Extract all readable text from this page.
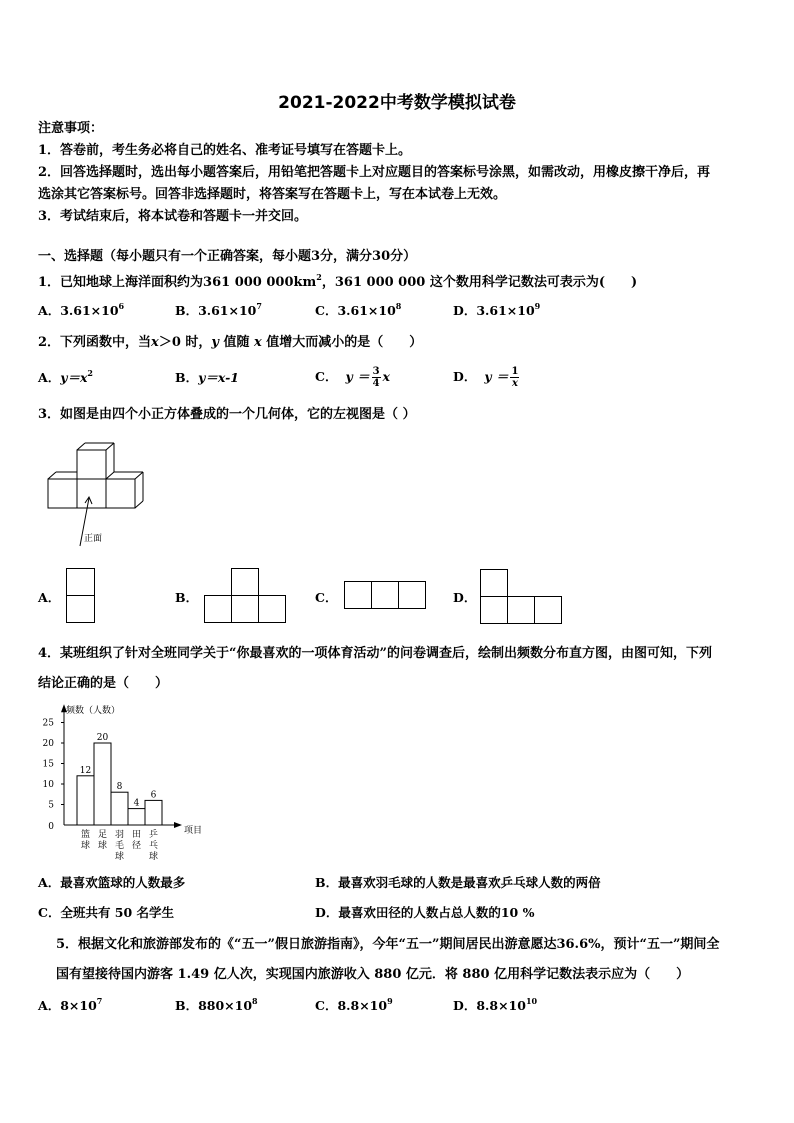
2021-2022中考数学模拟试卷
注意事项：
1．答卷前，考生务必将自己的姓名、准考证号填写在答题卡上。
2．回答选择题时，选出每小题答案后，用铅笔把答题卡上对应题目的答案标号涂黑，如需改动，用橡皮擦干净后，再
选涂其它答案标号。回答非选择题时，将答案写在答题卡上，写在本试卷上无效。
3．考试结束后，将本试卷和答题卡一并交回。
一、选择题（每小题只有一个正确答案，每小题3分，满分30分）
1．已知地球上海洋面积约为361 000 $000km^2$，361 000 000 这个数用科学记数法可表示为(　　)
A．$3.61\times 10^6$	B．$3.61\times 10^7$	C．$3.61\times 10^8$	D．$3.61\times 10^9$
2．下列函数中，当x＞0 时，y 值随 x 值增大而减小的是（　　）
A．$y=x^2$	B．y＝x-1	C． $y = \frac{3}{4}$ x	D． $y = \frac{1}{x}$
3．如图是由四个小正方体叠成的一个几何体，它的左视图是（ ）
正面
A．	B．	C．	D．
4．某班组织了针对全班同学关于“你最喜欢的一项体育活动”的问卷调查后，绘制出频数分布直方图，由图可知，下列
结论正确的是（　　）
频数（人数）
项目
0
5
10
15
20
25
12
篮球
20
足球
8
羽毛球
4
田径
6
乒乓球
A．最喜欢篮球的人数最多	B．最喜欢羽毛球的人数是最喜欢乒乓球人数的两倍
C．全班共有 50 名学生	D．最喜欢田径的人数占总人数的10 %
5．根据文化和旅游部发布的《“五一”假日旅游指南》，今年“五一”期间居民出游意愿达36.6%，预计“五一”期间全
国有望接待国内游客 1.49 亿人次，实现国内旅游收入 880 亿元．将 880 亿用科学记数法表示应为（　　）
A．$8\times 10^7$	B．$880\times 10^8$	C．$8.8\times 10^9$	D．$8.8\times 10^{10}$
